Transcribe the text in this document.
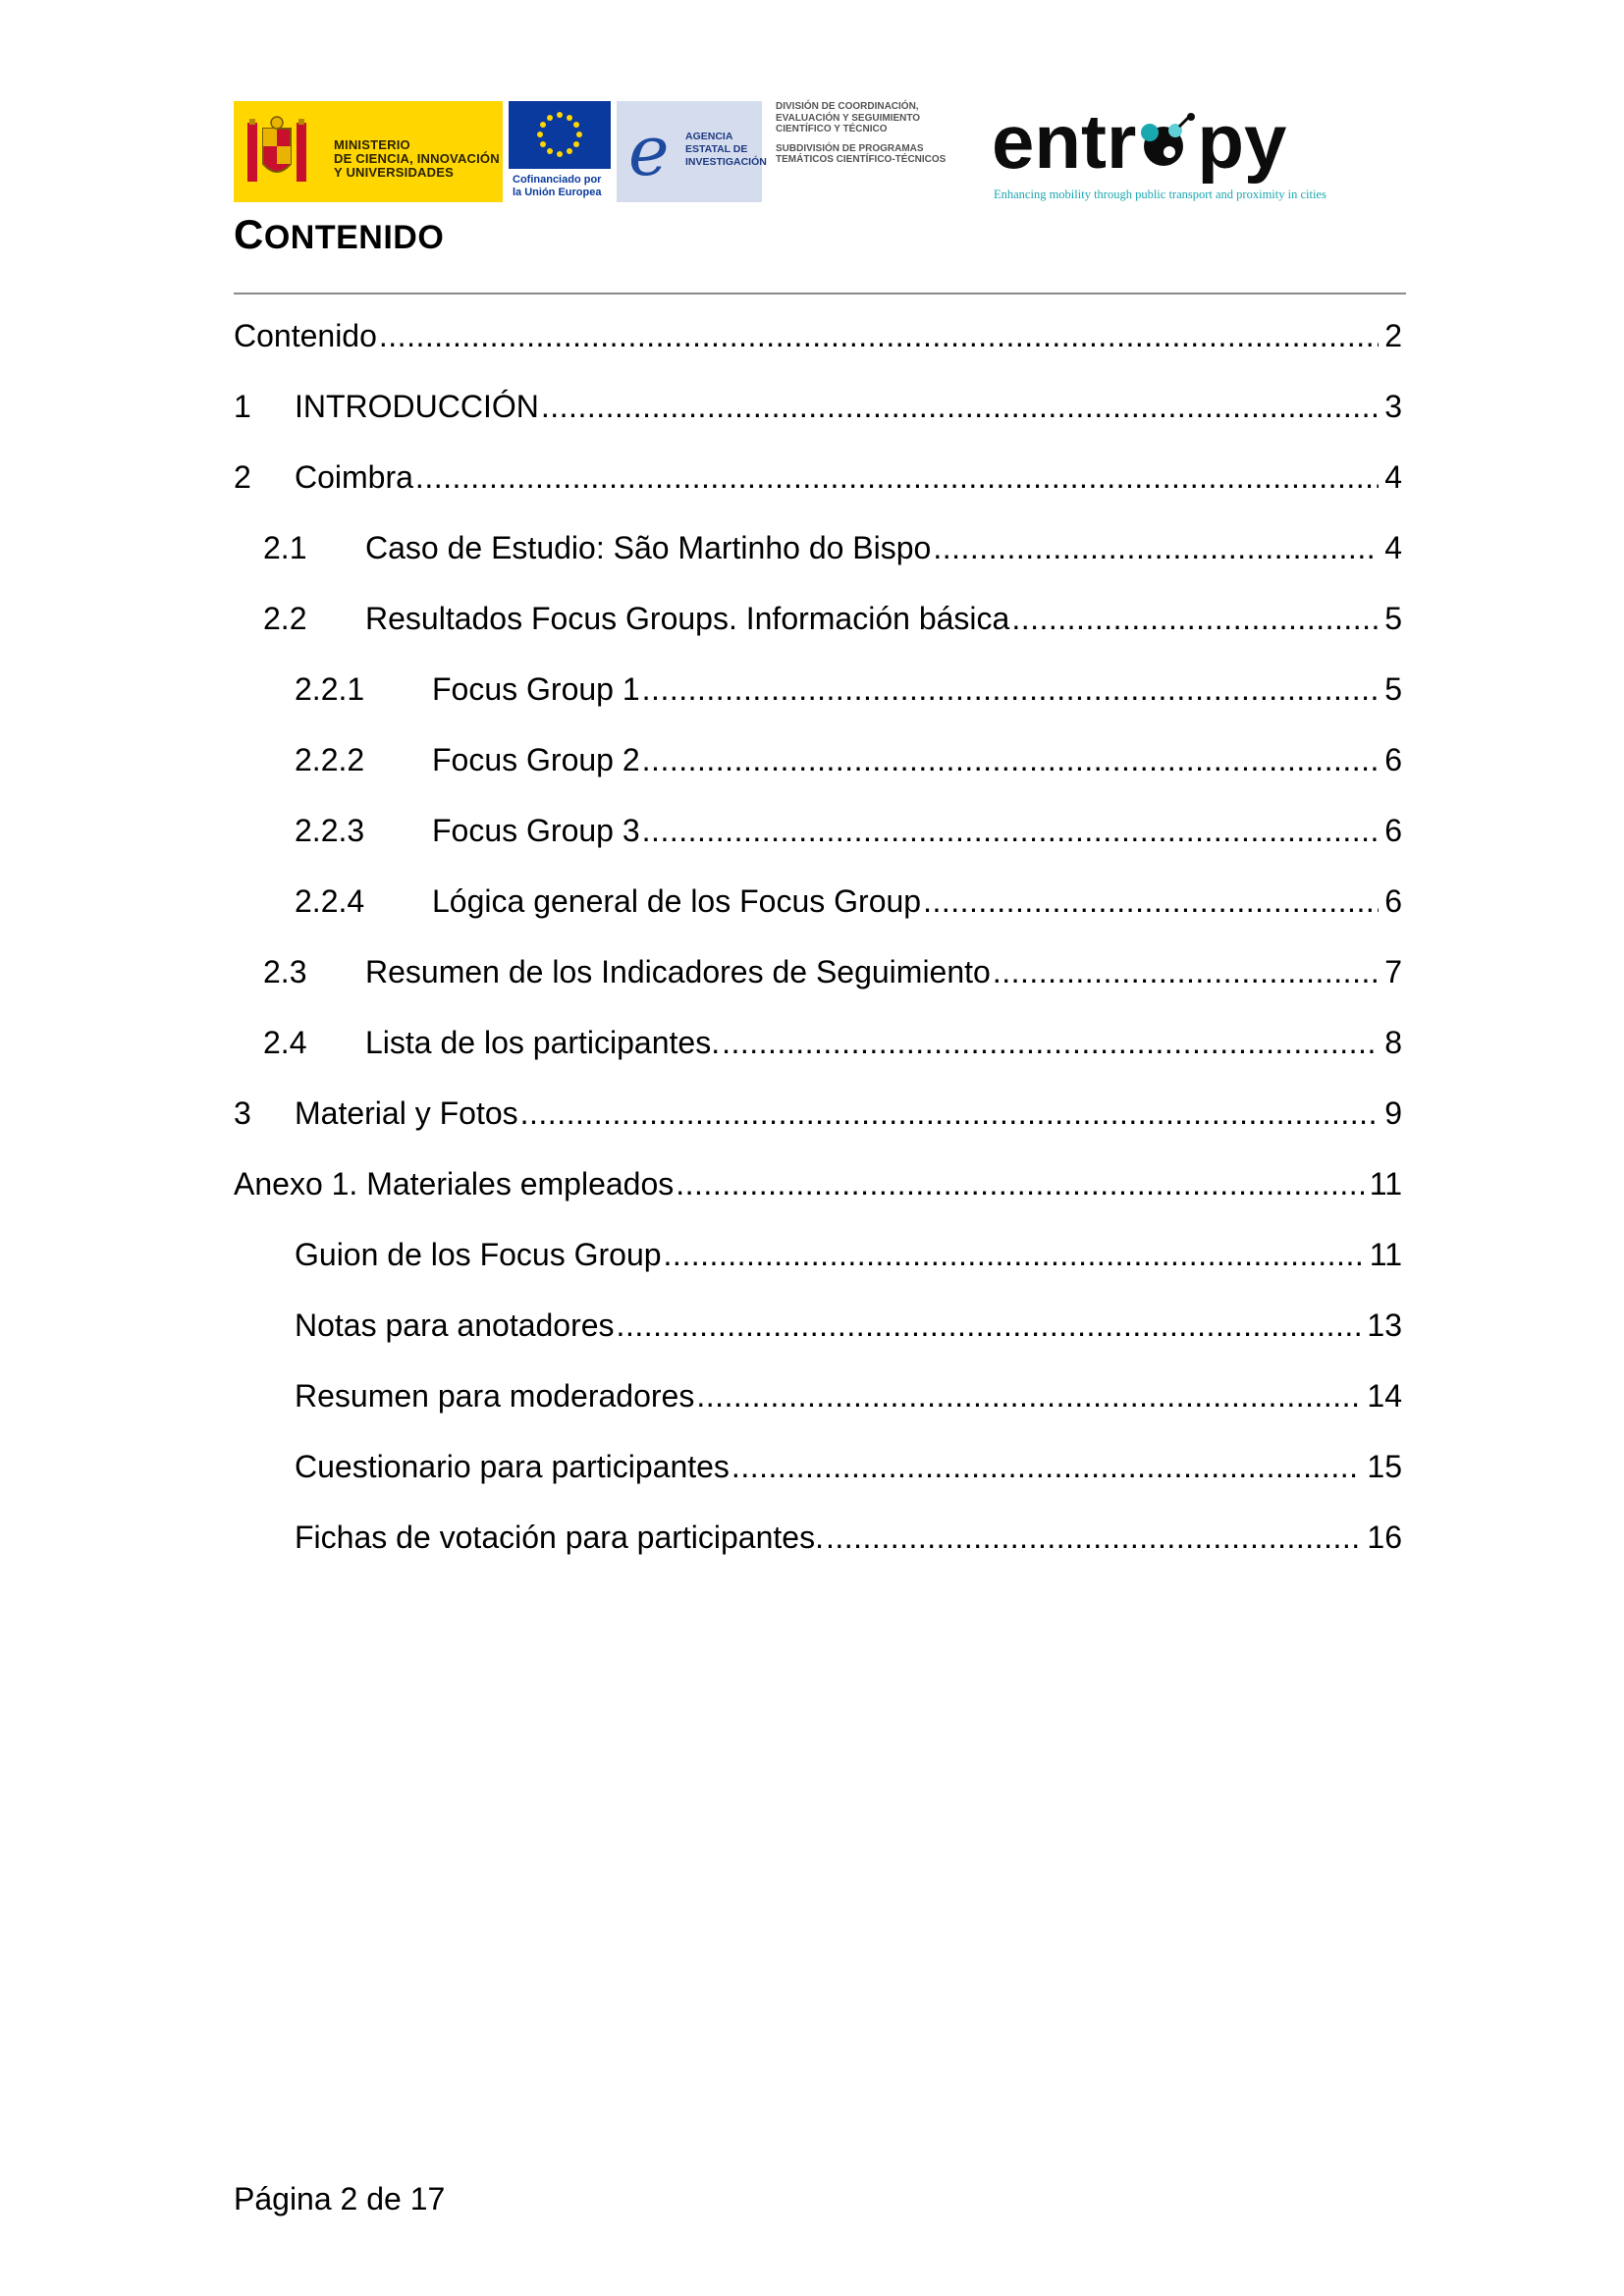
MINISTERIO
DE CIENCIA, INNOVACIÓN
Y UNIVERSIDADES	Cofinanciado por
la Unión Europea
e AGENCIA
ESTATAL DE
INVESTIGACIÓN
DIVISIÓN DE COORDINACIÓN,
EVALUACIÓN Y SEGUIMIENTO
CIENTÍFICO Y TÉCNICO
SUBDIVISIÓN DE PROGRAMAS
TEMÁTICOS CIENTÍFICO-TÉCNICOS entr py
Enhancing mobility through public transport and proximity in cities
CONTENIDO
Contenido .....	2
1	INTRODUCCIÓN .....	3
2	Coimbra .....	4
2.1	Caso de Estudio: São Martinho do Bispo .....	4
2.2	Resultados Focus Groups. Información básica .....	5
2.2.1	Focus Group 1 .....	5
2.2.2	Focus Group 2 .....	6
2.2.3	Focus Group 3 .....	6
2.2.4	Lógica general de los Focus Group .....	6
2.3	Resumen de los Indicadores de Seguimiento .....	7
2.4	Lista de los participantes. .....	8
3	Material y Fotos .....	9
Anexo 1. Materiales empleados .....	11
Guion de los Focus Group .....	11
Notas para anotadores .....	13
Resumen para moderadores .....	14
Cuestionario para participantes .....	15
Fichas de votación para participantes. .....	16
Página 2 de 17
